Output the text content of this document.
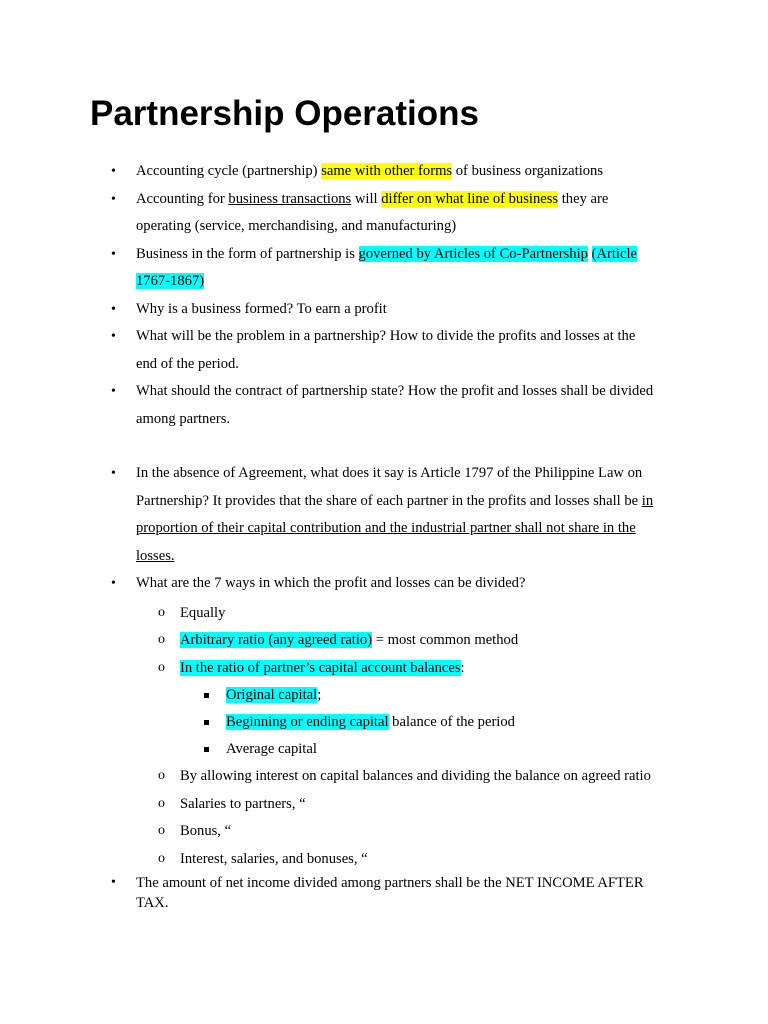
Partnership Operations
• Accounting cycle (partnership) same with other forms of business organizations
• Accounting for business transactions will differ on what line of business they are operating (service, merchandising, and manufacturing)
• Business in the form of partnership is governed by Articles of Co-Partnership (Article 1767-1867)
• Why is a business formed? To earn a profit
• What will be the problem in a partnership? How to divide the profits and losses at the end of the period.
• What should the contract of partnership state? How the profit and losses shall be divided among partners.
• In the absence of Agreement, what does it say is Article 1797 of the Philippine Law on Partnership? It provides that the share of each partner in the profits and losses shall be in proportion of their capital contribution and the industrial partner shall not share in the losses.
• What are the 7 ways in which the profit and losses can be divided?
o Equally
o Arbitrary ratio (any agreed ratio) = most common method
o In the ratio of partner’s capital account balances:
Original capital;
Beginning or ending capital balance of the period
Average capital
o By allowing interest on capital balances and dividing the balance on agreed ratio
o Salaries to partners, “
o Bonus, “
o Interest, salaries, and bonuses, “
• The amount of net income divided among partners shall be the NET INCOME AFTER TAX.
